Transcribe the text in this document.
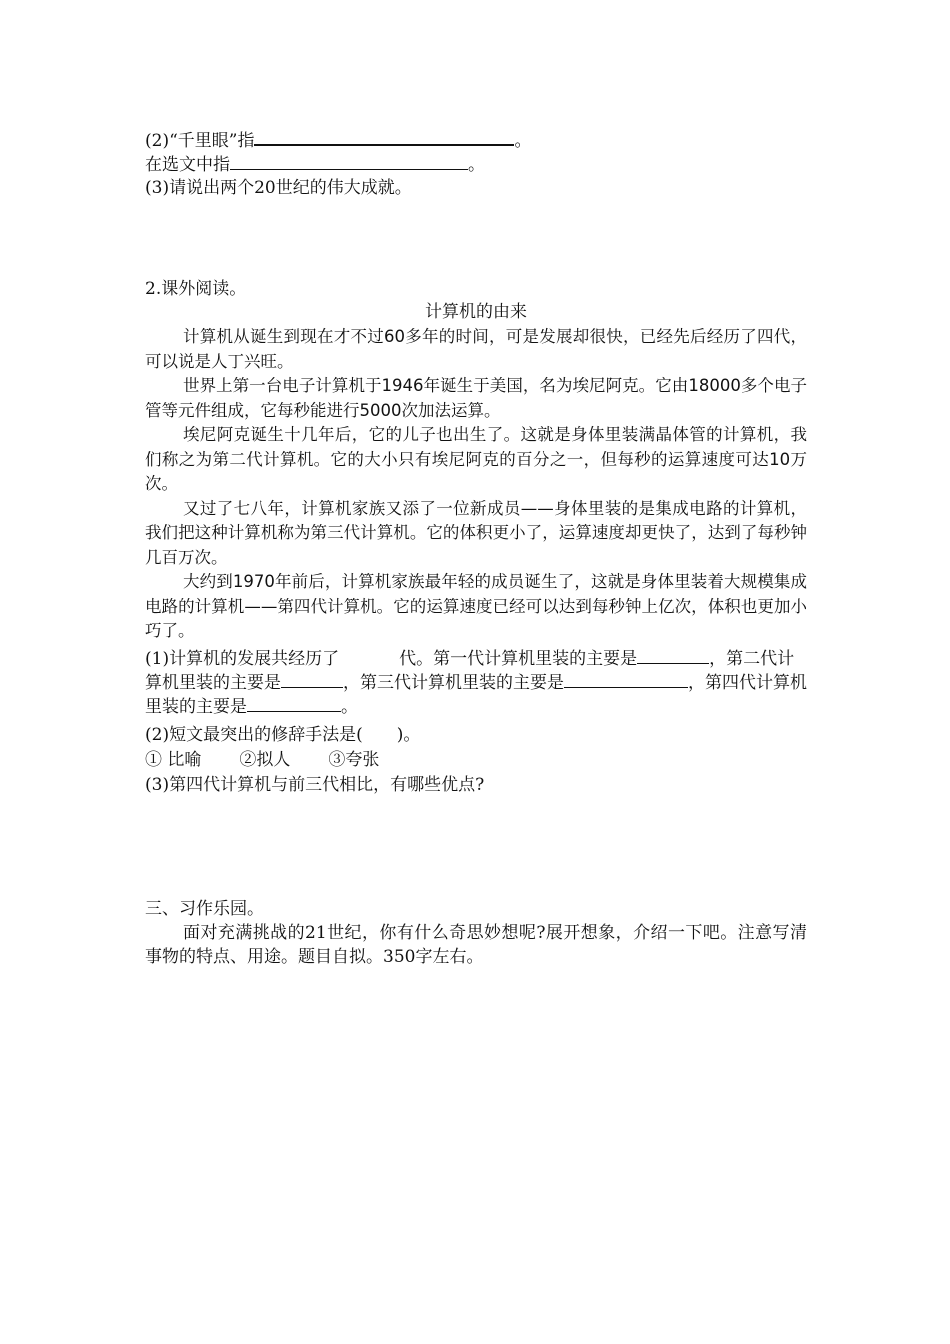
(2)“千里眼”指	。
在选文中指	。
(3)请说出两个20世纪的伟大成就。
2.课外阅读。
计算机的由来

计算机从诞生到现在才不过60多年的时间，可是发展却很快，已经先后经历了四代，可以说是人丁兴旺。

世界上第一台电子计算机于1946年诞生于美国，名为埃尼阿克。它由18000多个电子管等元件组成，它每秒能进行5000次加法运算。

埃尼阿克诞生十几年后，它的儿子也出生了。这就是身体里装满晶体管的计算机，我们称之为第二代计算机。它的大小只有埃尼阿克的百分之一，但每秒的运算速度可达10万次。

又过了七八年，计算机家族又添了一位新成员——身体里装的是集成电路的计算机，我们把这种计算机称为第三代计算机。它的体积更小了，运算速度却更快了，达到了每秒钟几百万次。

大约到1970年前后，计算机家族最年轻的成员诞生了，这就是身体里装着大规模集成电路的计算机——第四代计算机。它的运算速度已经可以达到每秒钟上亿次，体积也更加小巧了。

(1)计算机的发展共经历了	代。第一代计算机里装的主要是	，第二代计算机里装的主要是	，第三代计算机里装的主要是	，第四代计算机里装的主要是	。
(2)短文最突出的修辞手法是( )。
① 比喻 ②拟人 ③夸张
(3)第四代计算机与前三代相比，有哪些优点?
三、习作乐园。

面对充满挑战的21世纪，你有什么奇思妙想呢?展开想象，介绍一下吧。注意写清事物的特点、用途。题目自拟。350字左右。
